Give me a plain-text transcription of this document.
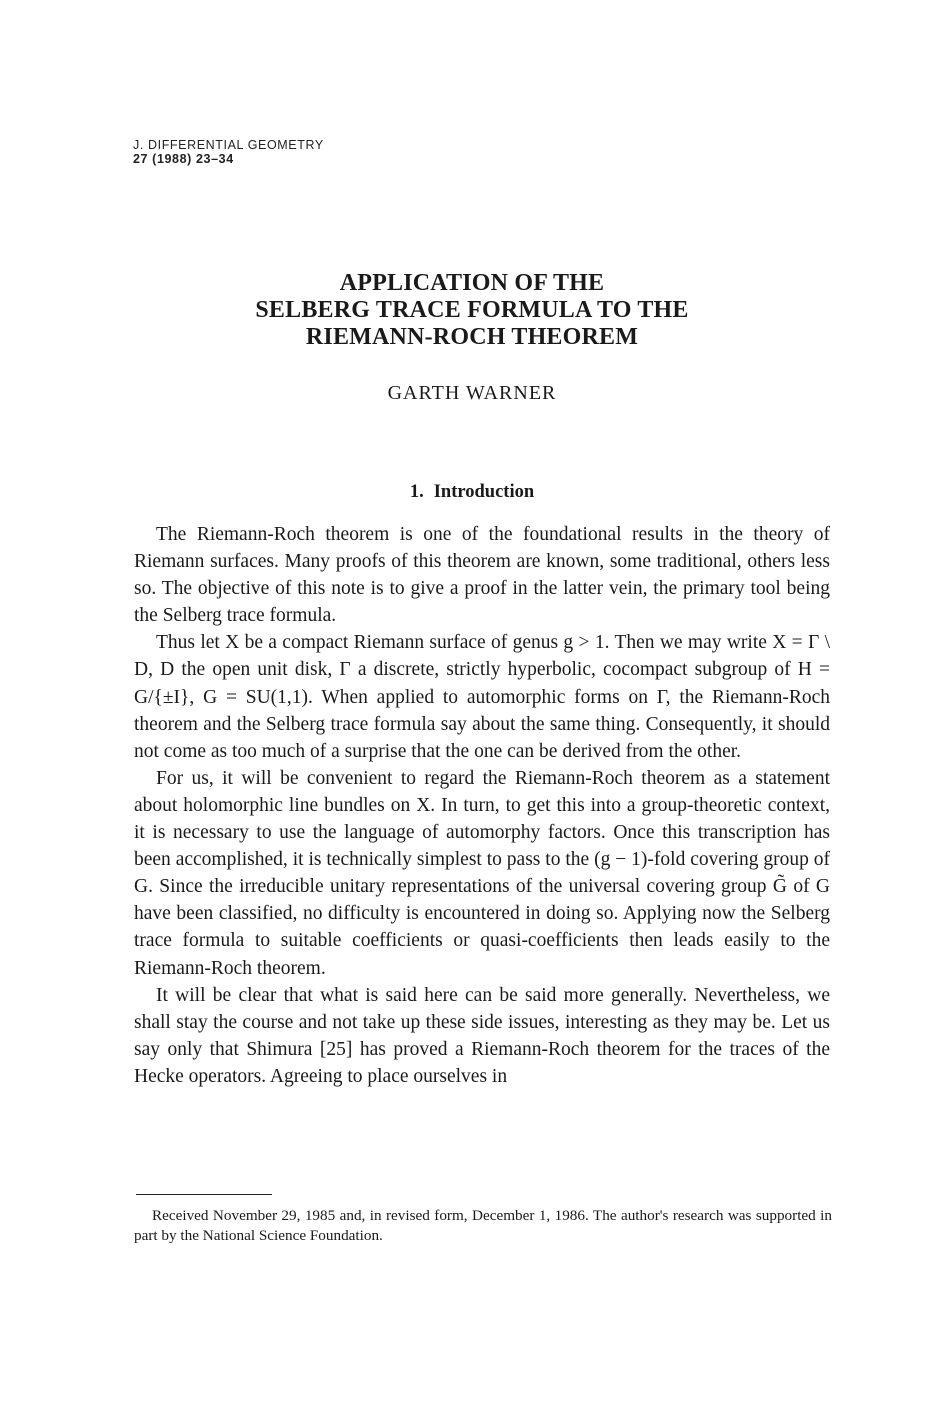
J. DIFFERENTIAL GEOMETRY
27 (1988) 23–34
APPLICATION OF THE
SELBERG TRACE FORMULA TO THE
RIEMANN-ROCH THEOREM
GARTH WARNER
1. Introduction

The Riemann-Roch theorem is one of the foundational results in the theory of Riemann surfaces. Many proofs of this theorem are known, some traditional, others less so. The objective of this note is to give a proof in the latter vein, the primary tool being the Selberg trace formula.

Thus let X be a compact Riemann surface of genus g > 1. Then we may write X = Γ \ D, D the open unit disk, Γ a discrete, strictly hyperbolic, cocompact subgroup of H = G/{±I}, G = SU(1,1). When applied to automorphic forms on Γ, the Riemann-Roch theorem and the Selberg trace formula say about the same thing. Consequently, it should not come as too much of a surprise that the one can be derived from the other.

For us, it will be convenient to regard the Riemann-Roch theorem as a statement about holomorphic line bundles on X. In turn, to get this into a group-theoretic context, it is necessary to use the language of automorphy factors. Once this transcription has been accomplished, it is technically simplest to pass to the (g − 1)-fold covering group of G. Since the irreducible unitary representations of the universal covering group G̃ of G have been classified, no difficulty is encountered in doing so. Applying now the Selberg trace formula to suitable coefficients or quasi-coefficients then leads easily to the Riemann-Roch theorem.

It will be clear that what is said here can be said more generally. Nevertheless, we shall stay the course and not take up these side issues, interesting as they may be. Let us say only that Shimura [25] has proved a Riemann-Roch theorem for the traces of the Hecke operators. Agreeing to place ourselves in

Received November 29, 1985 and, in revised form, December 1, 1986. The author's research was supported in part by the National Science Foundation.
